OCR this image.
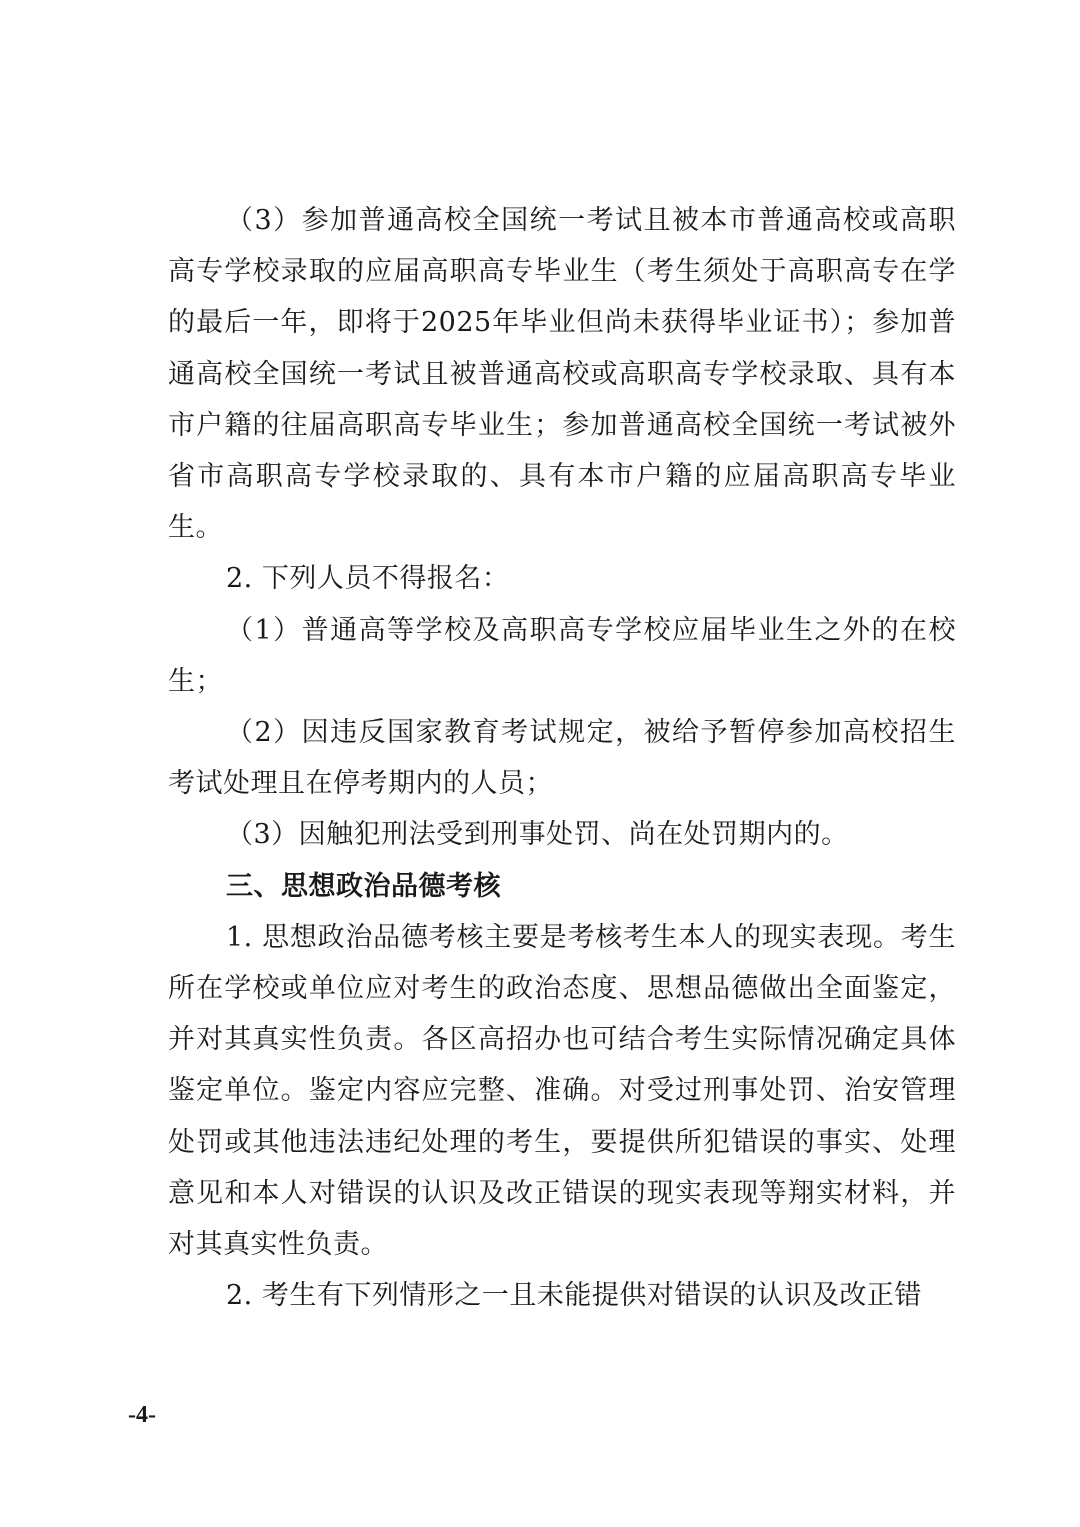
（3）参加普通高校全国统一考试且被本市普通高校或高职高专学校录取的应届高职高专毕业生（考生须处于高职高专在学的最后一年，即将于2025年毕业但尚未获得毕业证书）；参加普通高校全国统一考试且被普通高校或高职高专学校录取、具有本市户籍的往届高职高专毕业生；参加普通高校全国统一考试被外省市高职高专学校录取的、具有本市户籍的应届高职高专毕业生。

2. 下列人员不得报名：

（1）普通高等学校及高职高专学校应届毕业生之外的在校生；

（2）因违反国家教育考试规定，被给予暂停参加高校招生考试处理且在停考期内的人员；

（3）因触犯刑法受到刑事处罚、尚在处罚期内的。

三、思想政治品德考核

1. 思想政治品德考核主要是考核考生本人的现实表现。考生所在学校或单位应对考生的政治态度、思想品德做出全面鉴定，并对其真实性负责。各区高招办也可结合考生实际情况确定具体鉴定单位。鉴定内容应完整、准确。对受过刑事处罚、治安管理处罚或其他违法违纪处理的考生，要提供所犯错误的事实、处理意见和本人对错误的认识及改正错误的现实表现等翔实材料，并对其真实性负责。

2. 考生有下列情形之一且未能提供对错误的认识及改正错

-4-
